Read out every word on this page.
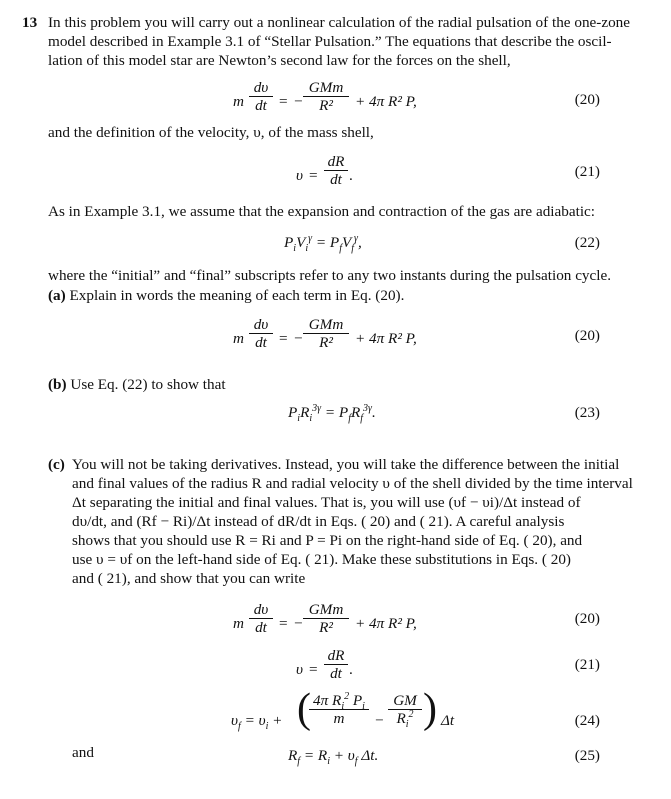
13 In this problem you will carry out a nonlinear calculation of the radial pulsation of the one-zone
model described in Example 3.1 of “Stellar Pulsation.” The equations that describe the oscil-
lation of this model star are Newton’s second law for the forces on the shell,
m $\frac{d\upsilon}{dt}$ = −
GMm
R²	+ 4π R² P,	(20)
and the definition of the velocity, υ, of the mass shell,
$\upsilon = \frac{dR}{dt}$ .	(21)
As in Example 3.1, we assume that the expansion and contraction of the gas are adiabatic:
$P_iV_i^\gamma = P_fV_f^\gamma$,	(22)
where the “initial” and “final” subscripts refer to any two instants during the pulsation cycle.
(a) Explain in words the meaning of each term in Eq. (20).
m $\frac{d\upsilon}{dt}$ = −
GMm
R²	+ 4π R² P,	(20)
(b) Use Eq. (22) to show that
$P_iR_i^{3\gamma} = P_fR_f^{3\gamma}$.	(23)
(c) You will not be taking derivatives. Instead, you will take the difference between the initial
and final values of the radius R and radial velocity υ of the shell divided by the time interval
Δt separating the initial and final values. That is, you will use (υf − υi)/Δt instead of
dυ/dt, and (Rf − Ri)/Δt instead of dR/dt in Eqs. ( 20) and ( 21). A careful analysis
shows that you should use R = Ri and P = Pi on the right-hand side of Eq. ( 20), and
use υ = υf on the left-hand side of Eq. ( 21). Make these substitutions in Eqs. ( 20)
and ( 21), and show that you can write
m $\frac{d\upsilon}{dt}$ = −
GMm
R²	+ 4π R² P,	(20)
$\upsilon = \frac{dR}{dt}$ .	(21)
$\upsilon_f = \upsilon_i$ + (
$\frac{4\pi R_i^2 P_i}{m} - \frac{GM}{R_i^2}$ ) Δt	(24)
and	$R_f = R_i + \upsilon_f$ Δt.	(25)
